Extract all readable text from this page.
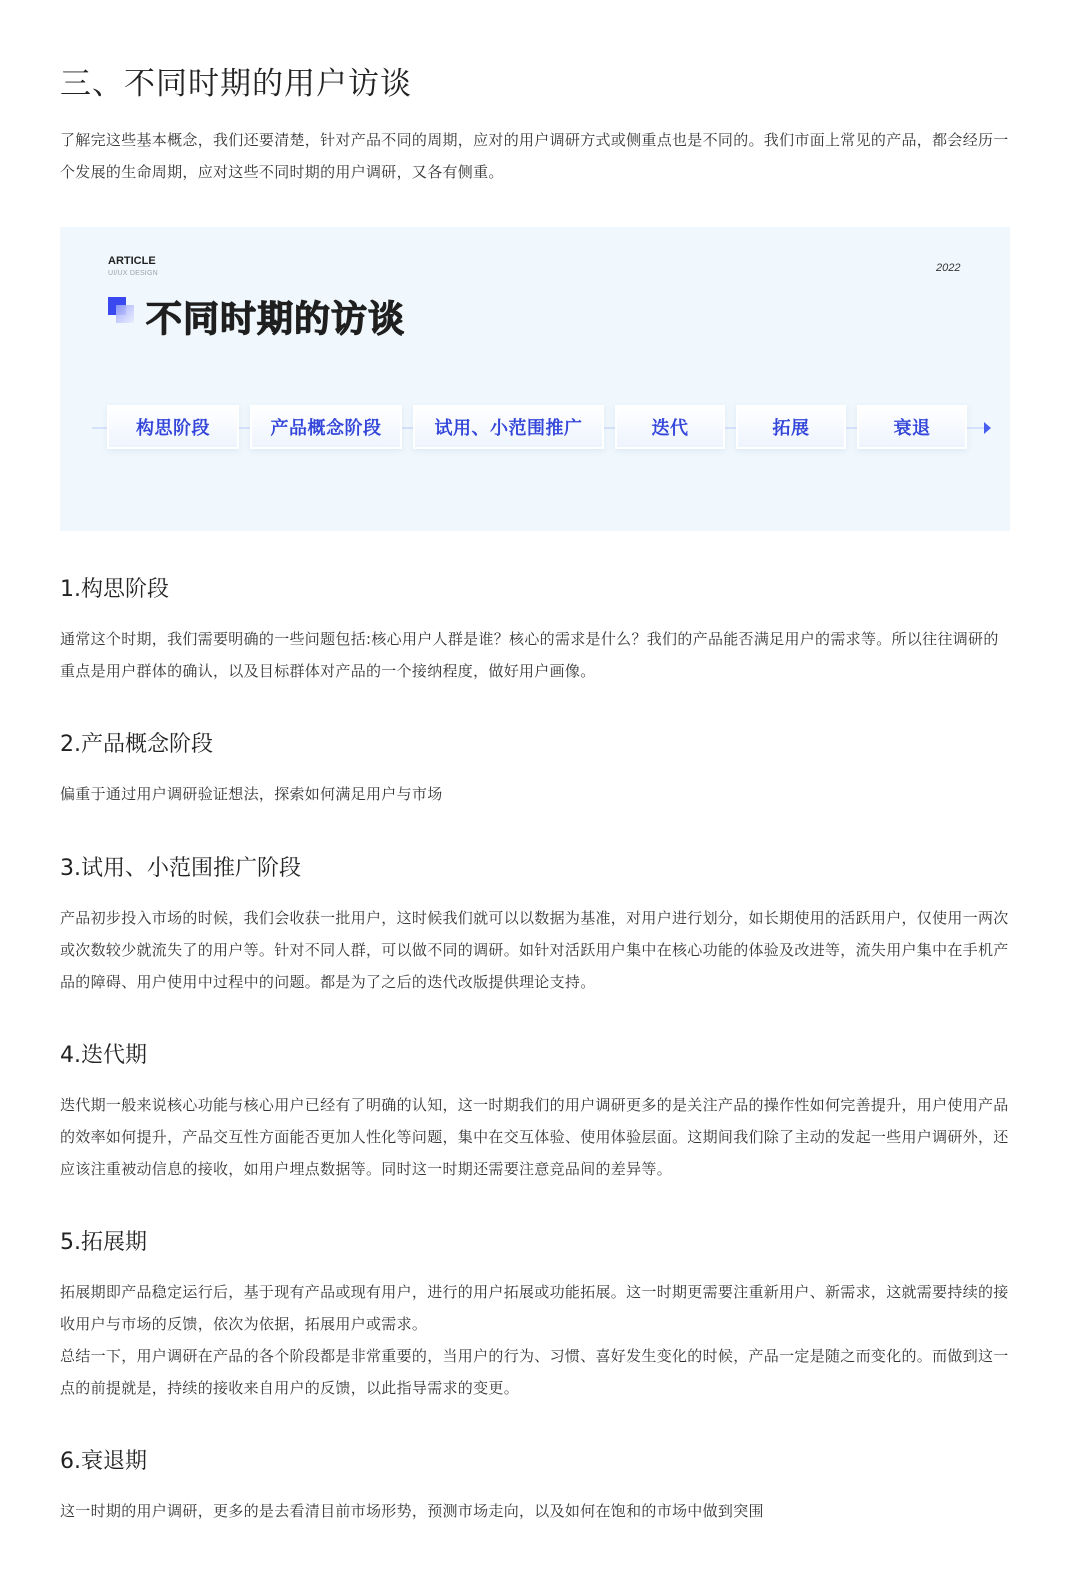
三、不同时期的用户访谈

了解完这些基本概念，我们还要清楚，针对产品不同的周期，应对的用户调研方式或侧重点也是不同的。我们市面上常见的产品，都会经历一个发展的生命周期，应对这些不同时期的用户调研，又各有侧重。

ARTICLE
UI/UX DESIGN	2022
不同时期的访谈
构思阶段	产品概念阶段	试用、小范围推广	迭代	拓展	衰退
1.构思阶段

通常这个时期，我们需要明确的一些问题包括:核心用户人群是谁？核心的需求是什么？我们的产品能否满足用户的需求等。所以往往调研的重点是用户群体的确认，以及目标群体对产品的一个接纳程度，做好用户画像。

2.产品概念阶段

偏重于通过用户调研验证想法，探索如何满足用户与市场

3.试用、小范围推广阶段

产品初步投入市场的时候，我们会收获一批用户，这时候我们就可以以数据为基准，对用户进行划分，如长期使用的活跃用户，仅使用一两次或次数较少就流失了的用户等。针对不同人群，可以做不同的调研。如针对活跃用户集中在核心功能的体验及改进等，流失用户集中在手机产品的障碍、用户使用中过程中的问题。都是为了之后的迭代改版提供理论支持。

4.迭代期

迭代期一般来说核心功能与核心用户已经有了明确的认知，这一时期我们的用户调研更多的是关注产品的操作性如何完善提升，用户使用产品的效率如何提升，产品交互性方面能否更加人性化等问题，集中在交互体验、使用体验层面。这期间我们除了主动的发起一些用户调研外，还应该注重被动信息的接收，如用户埋点数据等。同时这一时期还需要注意竞品间的差异等。

5.拓展期

拓展期即产品稳定运行后，基于现有产品或现有用户，进行的用户拓展或功能拓展。这一时期更需要注重新用户、新需求，这就需要持续的接收用户与市场的反馈，依次为依据，拓展用户或需求。

总结一下，用户调研在产品的各个阶段都是非常重要的，当用户的行为、习惯、喜好发生变化的时候，产品一定是随之而变化的。而做到这一点的前提就是，持续的接收来自用户的反馈，以此指导需求的变更。

6.衰退期

这一时期的用户调研，更多的是去看清目前市场形势，预测市场走向，以及如何在饱和的市场中做到突围
